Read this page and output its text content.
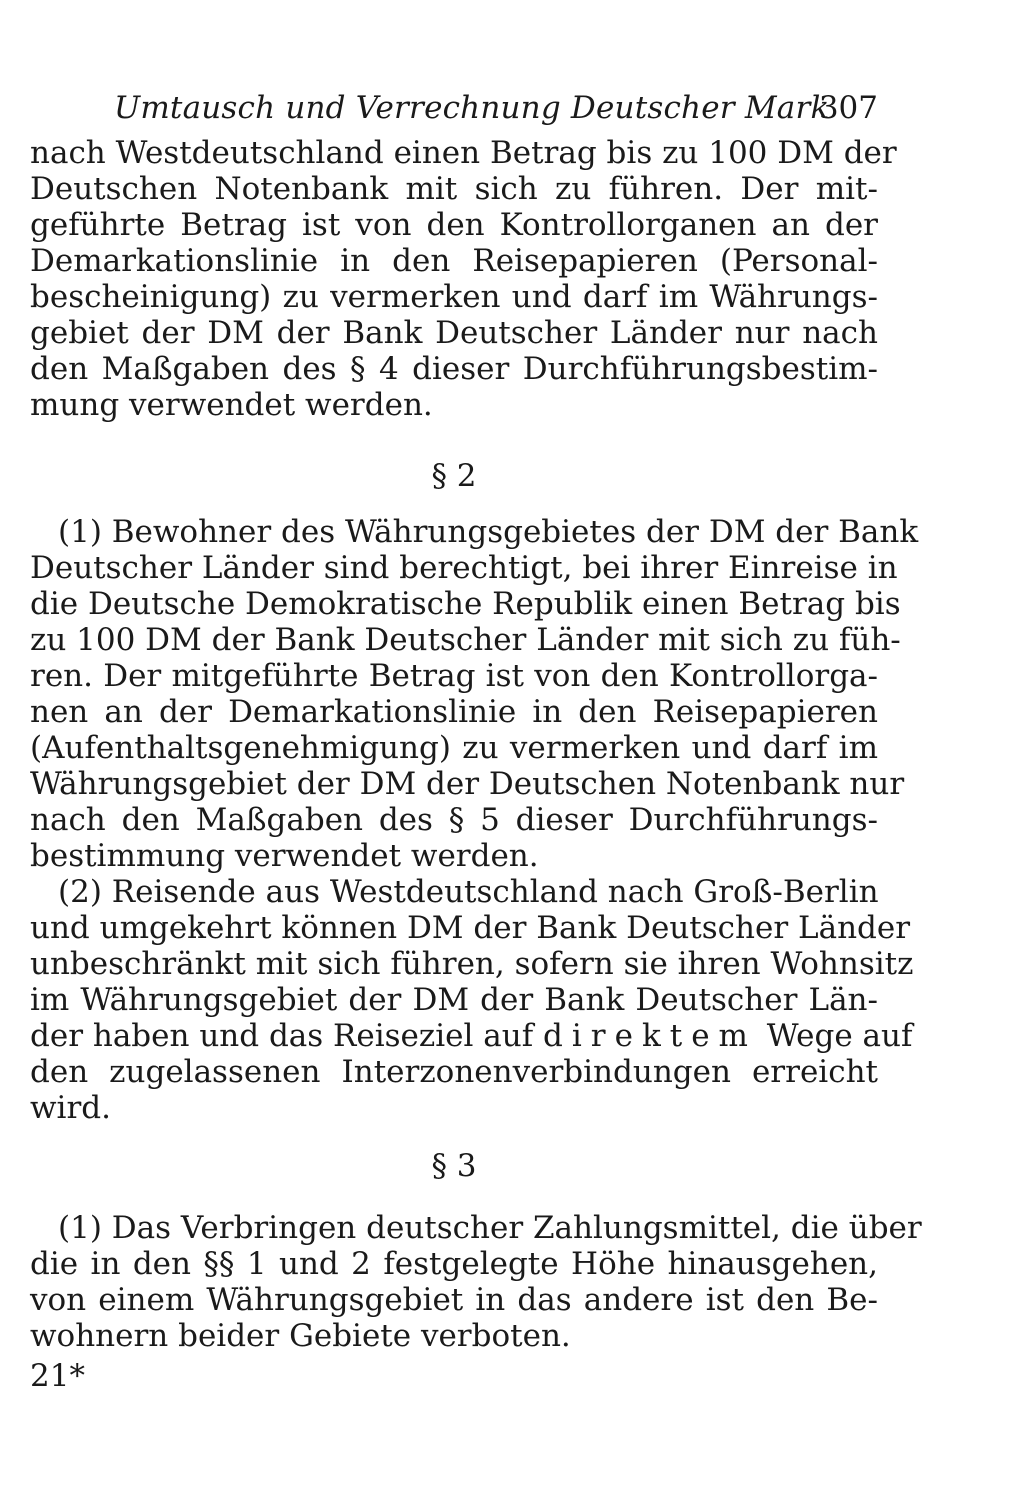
Umtausch und Verrechnung Deutscher Mark
307
nach Westdeutschland einen Betrag bis zu 100 DM der
Deutschen Notenbank mit sich zu führen. Der mit-
geführte Betrag ist von den Kontrollorganen an der
Demarkationslinie in den Reisepapieren (Personal-
bescheinigung) zu vermerken und darf im Währungs-
gebiet der DM der Bank Deutscher Länder nur nach
den Maßgaben des § 4 dieser Durchführungsbestim-
mung verwendet werden.
§ 2
(1) Bewohner des Währungsgebietes der DM der Bank
Deutscher Länder sind berechtigt, bei ihrer Einreise in
die Deutsche Demokratische Republik einen Betrag bis
zu 100 DM der Bank Deutscher Länder mit sich zu füh-
ren. Der mitgeführte Betrag ist von den Kontrollorga-
nen an der Demarkationslinie in den Reisepapieren
(Aufenthaltsgenehmigung) zu vermerken und darf im
Währungsgebiet der DM der Deutschen Notenbank nur
nach den Maßgaben des § 5 dieser Durchführungs-
bestimmung verwendet werden.
(2) Reisende aus Westdeutschland nach Groß-Berlin
und umgekehrt können DM der Bank Deutscher Länder
unbeschränkt mit sich führen, sofern sie ihren Wohnsitz
im Währungsgebiet der DM der Bank Deutscher Län-
der haben und das Reiseziel auf direktem Wege auf
den zugelassenen Interzonenverbindungen erreicht
wird.
§ 3
(1) Das Verbringen deutscher Zahlungsmittel, die über
die in den §§ 1 und 2 festgelegte Höhe hinausgehen,
von einem Währungsgebiet in das andere ist den Be-
wohnern beider Gebiete verboten.
21*
